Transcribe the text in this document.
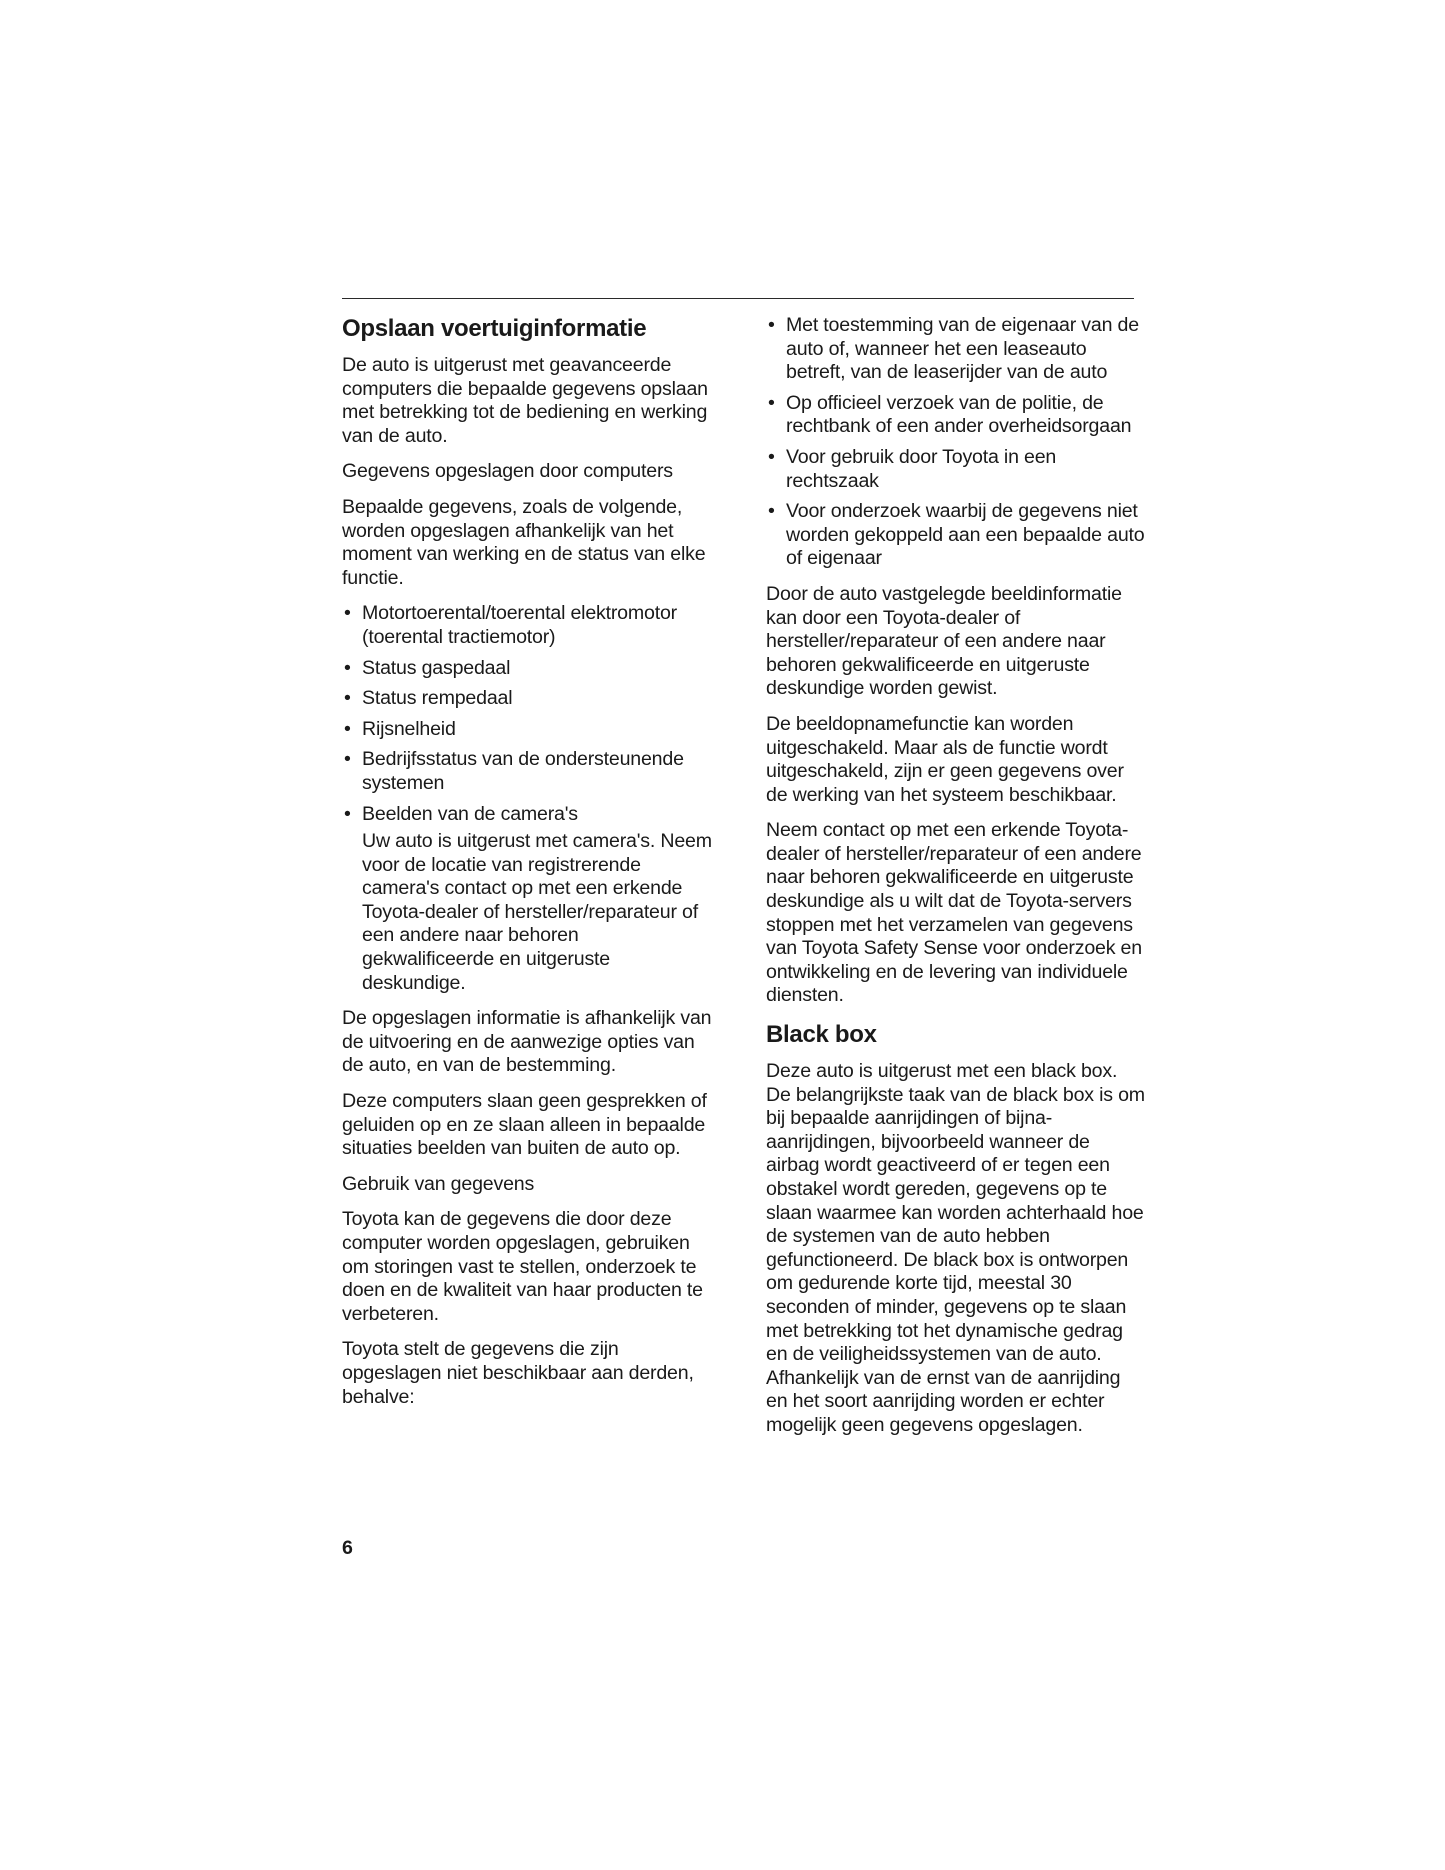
Opslaan voertuiginformatie

De auto is uitgerust met geavanceerde computers die bepaalde gegevens opslaan met betrekking tot de bediening en werking van de auto.

Gegevens opgeslagen door computers

Bepaalde gegevens, zoals de volgende, worden opgeslagen afhankelijk van het moment van werking en de status van elke functie.

• Motortoerental/toerental elektromotor (toerental tractiemotor)
• Status gaspedaal
• Status rempedaal
• Rijsnelheid
• Bedrijfsstatus van de ondersteunende systemen
• Beelden van de camera's
Uw auto is uitgerust met camera's. Neem voor de locatie van registrerende camera's contact op met een erkende Toyota-dealer of hersteller/reparateur of een andere naar behoren gekwalificeerde en uitgeruste deskundige.

De opgeslagen informatie is afhankelijk van de uitvoering en de aanwezige opties van de auto, en van de bestemming.

Deze computers slaan geen gesprekken of geluiden op en ze slaan alleen in bepaalde situaties beelden van buiten de auto op.

Gebruik van gegevens

Toyota kan de gegevens die door deze computer worden opgeslagen, gebruiken om storingen vast te stellen, onderzoek te doen en de kwaliteit van haar producten te verbeteren.

Toyota stelt de gegevens die zijn opgeslagen niet beschikbaar aan derden, behalve:

• Met toestemming van de eigenaar van de auto of, wanneer het een leaseauto betreft, van de leaserijder van de auto
• Op officieel verzoek van de politie, de rechtbank of een ander overheidsorgaan
• Voor gebruik door Toyota in een rechtszaak
• Voor onderzoek waarbij de gegevens niet worden gekoppeld aan een bepaalde auto of eigenaar

Door de auto vastgelegde beeldinformatie kan door een Toyota-dealer of hersteller/reparateur of een andere naar behoren gekwalificeerde en uitgeruste deskundige worden gewist.

De beeldopnamefunctie kan worden uitgeschakeld. Maar als de functie wordt uitgeschakeld, zijn er geen gegevens over de werking van het systeem beschikbaar.

Neem contact op met een erkende Toyota-dealer of hersteller/reparateur of een andere naar behoren gekwalificeerde en uitgeruste deskundige als u wilt dat de Toyota-servers stoppen met het verzamelen van gegevens van Toyota Safety Sense voor onderzoek en ontwikkeling en de levering van individuele diensten.

Black box

Deze auto is uitgerust met een black box. De belangrijkste taak van de black box is om bij bepaalde aanrijdingen of bijna-aanrijdingen, bijvoorbeeld wanneer de airbag wordt geactiveerd of er tegen een obstakel wordt gereden, gegevens op te slaan waarmee kan worden achterhaald hoe de systemen van de auto hebben gefunctioneerd. De black box is ontworpen om gedurende korte tijd, meestal 30 seconden of minder, gegevens op te slaan met betrekking tot het dynamische gedrag en de veiligheidssystemen van de auto. Afhankelijk van de ernst van de aanrijding en het soort aanrijding worden er echter mogelijk geen gegevens opgeslagen.

6
